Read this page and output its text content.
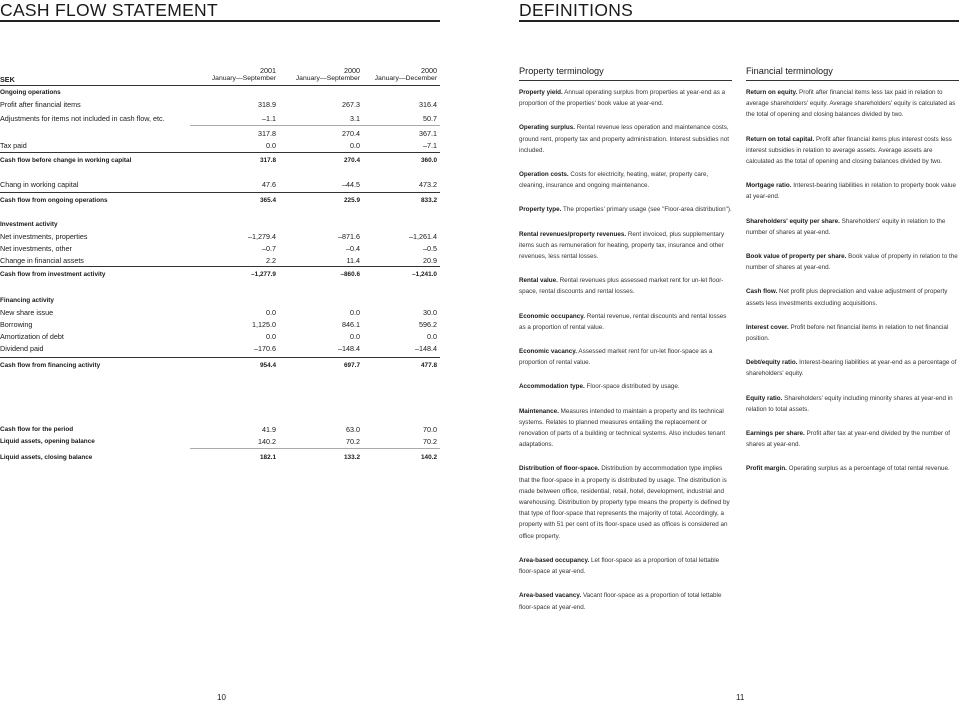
CASH FLOW STATEMENT
2001	2000	2000
SEK	January—September	January—September	January—December
Ongoing operations
Profit after financial items	318.9	267.3	316.4
Adjustments for items not included in cash flow, etc.	–1.1	3.1	50.7
317.8	270.4	367.1
Tax paid	0.0	0.0	–7.1
Cash flow before change in working capital	317.8	270.4	360.0
Chang in working capital	47.6	–44.5	473.2
Cash flow from ongoing operations	365.4	225.9	833.2
Investment activity
Net investments, properties	–1,279.4	–871.6	–1,261.4
Net investments, other	–0.7	–0.4	–0.5
Change in financial assets	2.2	11.4	20.9
Cash flow from investment activity	–1,277.9	–860.6	–1,241.0
Financing activity
New share issue	0.0	0.0	30.0
Borrowing	1,125.0	846.1	596.2
Amortization of debt	0.0	0.0	0.0
Dividend paid	–170.6	–148.4	–148.4
Cash flow from financing activity	954.4	697.7	477.8
Cash flow for the period	41.9	63.0	70.0
Liquid assets, opening balance	140.2	70.2	70.2
Liquid assets, closing balance	182.1	133.2	140.2
10
DEFINITIONS
Property terminology	Financial terminology

Property yield. Annual operating surplus from properties at year-end as a proportion of the properties' book value at year-end.

Operating surplus. Rental revenue less operation and maintenance costs, ground rent, property tax and property administration. Interest subsidies not included.

Operation costs. Costs for electricity, heating, water, property care, cleaning, insurance and ongoing maintenance.

Property type. The properties' primary usage (see "Floor-area distribution").

Rental revenues/property revenues. Rent invoiced, plus supplementary items such as remuneration for heating, property tax, insurance and other revenues, less rental losses.

Rental value. Rental revenues plus assessed market rent for un-let floor-space, rental discounts and rental losses.

Economic occupancy. Rental revenue, rental discounts and rental losses as a proportion of rental value.

Economic vacancy. Assessed market rent for un-let floor-space as a proportion of rental value.

Accommodation type. Floor-space distributed by usage.

Maintenance. Measures intended to maintain a property and its technical systems. Relates to planned measures entailing the replacement or renovation of parts of a building or technical systems. Also includes tenant adaptations.

Distribution of floor-space. Distribution by accommodation type implies that the floor-space in a property is distributed by usage. The distribution is made between office, residential, retail, hotel, development, industrial and warehousing. Distribution by property type means the property is defined by that type of floor-space that represents the majority of total. Accordingly, a property with 51 per cent of its floor-space used as offices is considered an office property.

Area-based occupancy. Let floor-space as a proportion of total lettable floor-space at year-end.

Area-based vacancy. Vacant floor-space as a proportion of total lettable floor-space at year-end.

Return on equity. Profit after financial items less tax paid in relation to average shareholders' equity. Average shareholders' equity is calculated as the total of opening and closing balances divided by two.

Return on total capital. Profit after financial items plus interest costs less interest subsidies in relation to average assets. Average assets are calculated as the total of opening and closing balances divided by two.

Mortgage ratio. Interest-bearing liabilities in relation to property book value at year-end.

Shareholders' equity per share. Shareholders' equity in relation to the number of shares at year-end.

Book value of property per share. Book value of property in relation to the number of shares at year-end.

Cash flow. Net profit plus depreciation and value adjustment of property assets less investments excluding acquisitions.

Interest cover. Profit before net financial items in relation to net financial position.

Debt/equity ratio. Interest-bearing liabilities at year-end as a percentage of shareholders' equity.

Equity ratio. Shareholders' equity including minority shares at year-end in relation to total assets.

Earnings per share. Profit after tax at year-end divided by the number of shares at year-end.

Profit margin. Operating surplus as a percentage of total rental revenue.

11
